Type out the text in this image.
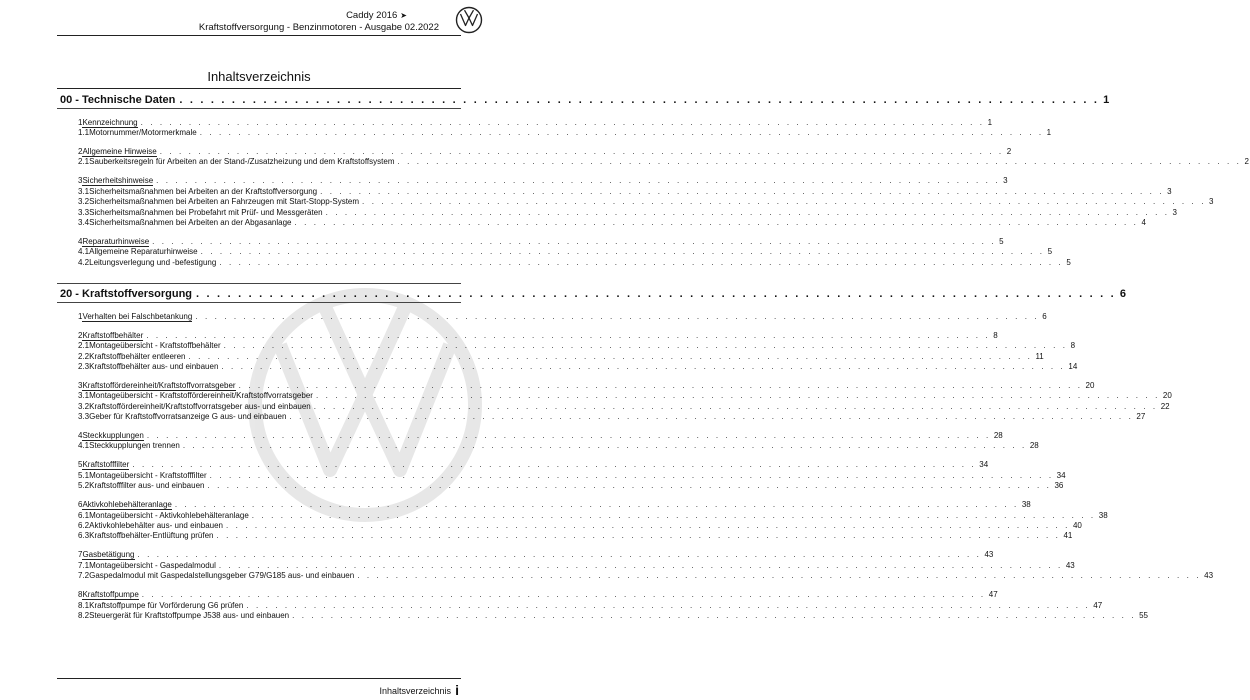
Caddy 2016 ➤
Kraftstoffversorgung - Benzinmotoren - Ausgabe 02.2022
Inhaltsverzeichnis
00 - Technische Daten . . . . . . . . . . . . . . . . . . . . . . . . . . . . . . . . . . . . . . . . . . . . . . . . . . . . . . . . . . . . . . . . . . . . . . . . . . . . . . . . . . . . . . . . 1
1 Kennzeichnung . . . . . . . . . . . . . . . . . . . . . . . . . . . . . . . . . . . . . . . . . . . . . . . . . . . . . . . . . . . . . . . . . . . . . . . . . . . . . . . . . . . . . . . . 1
1.1 Motornummer/Motormerkmale . . . . . . . . . . . . . . . . . . . . . . . . . . . . . . . . . . . . . . . . . . . . . . . . . . . . . . . . . . . . . . . . . . . . . . . . . . . . . . . . . . . . . . . . 1
2 Allgemeine Hinweise . . . . . . . . . . . . . . . . . . . . . . . . . . . . . . . . . . . . . . . . . . . . . . . . . . . . . . . . . . . . . . . . . . . . . . . . . . . . . . . . . . . . . . . . 2
2.1 Sauberkeitsregeln für Arbeiten an der Stand-/Zusatzheizung und dem Kraftstoffsystem . . . . . . . . . . . . . . . . . . . . . . . . . . . . . . . . . . . . . . . . . . . . . . . . . . . . . . . . . . . . . . . . . . . . . . . . . . . . . . . . . . . . . . . . 2
3 Sicherheitshinweise . . . . . . . . . . . . . . . . . . . . . . . . . . . . . . . . . . . . . . . . . . . . . . . . . . . . . . . . . . . . . . . . . . . . . . . . . . . . . . . . . . . . . . . . 3
3.1 Sicherheitsmaßnahmen bei Arbeiten an der Kraftstoffversorgung . . . . . . . . . . . . . . . . . . . . . . . . . . . . . . . . . . . . . . . . . . . . . . . . . . . . . . . . . . . . . . . . . . . . . . . . . . . . . . . . . . . . . . . . 3
3.2 Sicherheitsmaßnahmen bei Arbeiten an Fahrzeugen mit Start-Stopp-System . . . . . . . . . . . . . . . . . . . . . . . . . . . . . . . . . . . . . . . . . . . . . . . . . . . . . . . . . . . . . . . . . . . . . . . . . . . . . . . . . . . . . . . . 3
3.3 Sicherheitsmaßnahmen bei Probefahrt mit Prüf- und Messgeräten . . . . . . . . . . . . . . . . . . . . . . . . . . . . . . . . . . . . . . . . . . . . . . . . . . . . . . . . . . . . . . . . . . . . . . . . . . . . . . . . . . . . . . . . 3
3.4 Sicherheitsmaßnahmen bei Arbeiten an der Abgasanlage . . . . . . . . . . . . . . . . . . . . . . . . . . . . . . . . . . . . . . . . . . . . . . . . . . . . . . . . . . . . . . . . . . . . . . . . . . . . . . . . . . . . . . . . 4
4 Reparaturhinweise . . . . . . . . . . . . . . . . . . . . . . . . . . . . . . . . . . . . . . . . . . . . . . . . . . . . . . . . . . . . . . . . . . . . . . . . . . . . . . . . . . . . . . . . 5
4.1 Allgemeine Reparaturhinweise . . . . . . . . . . . . . . . . . . . . . . . . . . . . . . . . . . . . . . . . . . . . . . . . . . . . . . . . . . . . . . . . . . . . . . . . . . . . . . . . . . . . . . . . 5
4.2 Leitungsverlegung und -befestigung . . . . . . . . . . . . . . . . . . . . . . . . . . . . . . . . . . . . . . . . . . . . . . . . . . . . . . . . . . . . . . . . . . . . . . . . . . . . . . . . . . . . . . . . 5
20 - Kraftstoffversorgung . . . . . . . . . . . . . . . . . . . . . . . . . . . . . . . . . . . . . . . . . . . . . . . . . . . . . . . . . . . . . . . . . . . . . . . . . . . . . . . . . . . . . . . . 6
1 Verhalten bei Falschbetankung . . . . . . . . . . . . . . . . . . . . . . . . . . . . . . . . . . . . . . . . . . . . . . . . . . . . . . . . . . . . . . . . . . . . . . . . . . . . . . . . . . . . . . . . 6
2 Kraftstoffbehälter . . . . . . . . . . . . . . . . . . . . . . . . . . . . . . . . . . . . . . . . . . . . . . . . . . . . . . . . . . . . . . . . . . . . . . . . . . . . . . . . . . . . . . . . 8
2.1 Montageübersicht - Kraftstoffbehälter . . . . . . . . . . . . . . . . . . . . . . . . . . . . . . . . . . . . . . . . . . . . . . . . . . . . . . . . . . . . . . . . . . . . . . . . . . . . . . . . . . . . . . . . 8
2.2 Kraftstoffbehälter entleeren . . . . . . . . . . . . . . . . . . . . . . . . . . . . . . . . . . . . . . . . . . . . . . . . . . . . . . . . . . . . . . . . . . . . . . . . . . . . . . . . . . . . . . . . 11
2.3 Kraftstoffbehälter aus- und einbauen . . . . . . . . . . . . . . . . . . . . . . . . . . . . . . . . . . . . . . . . . . . . . . . . . . . . . . . . . . . . . . . . . . . . . . . . . . . . . . . . . . . . . . . . 14
3 Kraftstoffördereinheit/Kraftstoffvorratsgeber . . . . . . . . . . . . . . . . . . . . . . . . . . . . . . . . . . . . . . . . . . . . . . . . . . . . . . . . . . . . . . . . . . . . . . . . . . . . . . . . . . . . . . . . 20
3.1 Montageübersicht - Kraftstoffördereinheit/Kraftstoffvorratsgeber . . . . . . . . . . . . . . . . . . . . . . . . . . . . . . . . . . . . . . . . . . . . . . . . . . . . . . . . . . . . . . . . . . . . . . . . . . . . . . . . . . . . . . . . 20
3.2 Kraftstoffördereinheit/Kraftstoffvorratsgeber aus- und einbauen . . . . . . . . . . . . . . . . . . . . . . . . . . . . . . . . . . . . . . . . . . . . . . . . . . . . . . . . . . . . . . . . . . . . . . . . . . . . . . . . . . . . . . . . 22
3.3 Geber für Kraftstoffvorratsanzeige G aus- und einbauen . . . . . . . . . . . . . . . . . . . . . . . . . . . . . . . . . . . . . . . . . . . . . . . . . . . . . . . . . . . . . . . . . . . . . . . . . . . . . . . . . . . . . . . . 27
4 Steckkupplungen . . . . . . . . . . . . . . . . . . . . . . . . . . . . . . . . . . . . . . . . . . . . . . . . . . . . . . . . . . . . . . . . . . . . . . . . . . . . . . . . . . . . . . . . 28
4.1 Steckkupplungen trennen . . . . . . . . . . . . . . . . . . . . . . . . . . . . . . . . . . . . . . . . . . . . . . . . . . . . . . . . . . . . . . . . . . . . . . . . . . . . . . . . . . . . . . . . 28
5 Kraftstofffilter . . . . . . . . . . . . . . . . . . . . . . . . . . . . . . . . . . . . . . . . . . . . . . . . . . . . . . . . . . . . . . . . . . . . . . . . . . . . . . . . . . . . . . . . 34
5.1 Montageübersicht - Kraftstofffilter . . . . . . . . . . . . . . . . . . . . . . . . . . . . . . . . . . . . . . . . . . . . . . . . . . . . . . . . . . . . . . . . . . . . . . . . . . . . . . . . . . . . . . . . 34
5.2 Kraftstofffilter aus- und einbauen . . . . . . . . . . . . . . . . . . . . . . . . . . . . . . . . . . . . . . . . . . . . . . . . . . . . . . . . . . . . . . . . . . . . . . . . . . . . . . . . . . . . . . . . 36
6 Aktivkohlebehälteranlage . . . . . . . . . . . . . . . . . . . . . . . . . . . . . . . . . . . . . . . . . . . . . . . . . . . . . . . . . . . . . . . . . . . . . . . . . . . . . . . . . . . . . . . . 38
6.1 Montageübersicht - Aktivkohlebehälteranlage . . . . . . . . . . . . . . . . . . . . . . . . . . . . . . . . . . . . . . . . . . . . . . . . . . . . . . . . . . . . . . . . . . . . . . . . . . . . . . . . . . . . . . . . 38
6.2 Aktivkohlebehälter aus- und einbauen . . . . . . . . . . . . . . . . . . . . . . . . . . . . . . . . . . . . . . . . . . . . . . . . . . . . . . . . . . . . . . . . . . . . . . . . . . . . . . . . . . . . . . . . 40
6.3 Kraftstoffbehälter-Entlüftung prüfen . . . . . . . . . . . . . . . . . . . . . . . . . . . . . . . . . . . . . . . . . . . . . . . . . . . . . . . . . . . . . . . . . . . . . . . . . . . . . . . . . . . . . . . . 41
7 Gasbetätigung . . . . . . . . . . . . . . . . . . . . . . . . . . . . . . . . . . . . . . . . . . . . . . . . . . . . . . . . . . . . . . . . . . . . . . . . . . . . . . . . . . . . . . . . 43
7.1 Montageübersicht - Gaspedalmodul . . . . . . . . . . . . . . . . . . . . . . . . . . . . . . . . . . . . . . . . . . . . . . . . . . . . . . . . . . . . . . . . . . . . . . . . . . . . . . . . . . . . . . . . 43
7.2 Gaspedalmodul mit Gaspedalstellungsgeber G79/G185 aus- und einbauen . . . . . . . . . . . . . . . . . . . . . . . . . . . . . . . . . . . . . . . . . . . . . . . . . . . . . . . . . . . . . . . . . . . . . . . . . . . . . . . . . . . . . . . . 43
8 Kraftstoffpumpe . . . . . . . . . . . . . . . . . . . . . . . . . . . . . . . . . . . . . . . . . . . . . . . . . . . . . . . . . . . . . . . . . . . . . . . . . . . . . . . . . . . . . . . . 47
8.1 Kraftstoffpumpe für Vorförderung G6 prüfen . . . . . . . . . . . . . . . . . . . . . . . . . . . . . . . . . . . . . . . . . . . . . . . . . . . . . . . . . . . . . . . . . . . . . . . . . . . . . . . . . . . . . . . . 47
8.2 Steuergerät für Kraftstoffpumpe J538 aus- und einbauen . . . . . . . . . . . . . . . . . . . . . . . . . . . . . . . . . . . . . . . . . . . . . . . . . . . . . . . . . . . . . . . . . . . . . . . . . . . . . . . . . . . . . . . . 55
Inhaltsverzeichnis i
